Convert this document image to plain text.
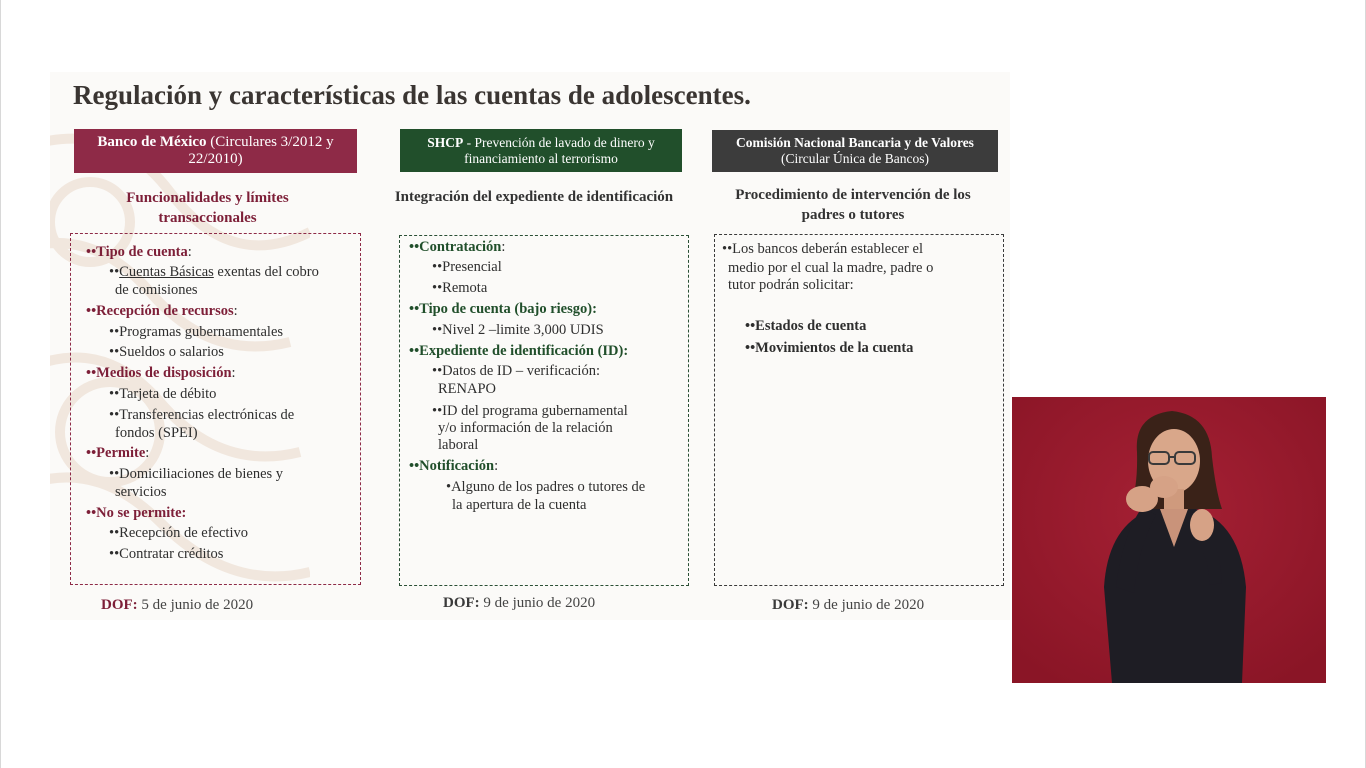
Regulación y características de las cuentas de adolescentes.
Banco de México (Circulares 3/2012 y 22/2010)
Funcionalidades y límites transaccionales
••Tipo de cuenta:
••Cuentas Básicas exentas del cobro
de comisiones
••Recepción de recursos:
••Programas gubernamentales
••Sueldos o salarios
••Medios de disposición:
••Tarjeta de débito
••Transferencias electrónicas de
fondos (SPEI)
••Permite:
••Domiciliaciones de bienes y
servicios
••No se permite:
••Recepción de efectivo
••Contratar créditos
DOF: 5 de junio de 2020
SHCP - Prevención de lavado de dinero y financiamiento al terrorismo
Integración del expediente de identificación
••Contratación:
••Presencial
••Remota
••Tipo de cuenta (bajo riesgo):
••Nivel 2 –limite 3,000 UDIS
••Expediente de identificación (ID):
••Datos de ID – verificación:
RENAPO
••ID del programa gubernamental
y/o información de la relación
laboral
••Notificación:
•Alguno de los padres o tutores de
la apertura de la cuenta
DOF: 9 de junio de 2020
Comisión Nacional Bancaria y de Valores
(Circular Única de Bancos)
Procedimiento de intervención de los padres o tutores
••Los bancos deberán establecer el
medio por el cual la madre, padre o
tutor podrán solicitar:
••Estados de cuenta
••Movimientos de la cuenta
DOF: 9 de junio de 2020
